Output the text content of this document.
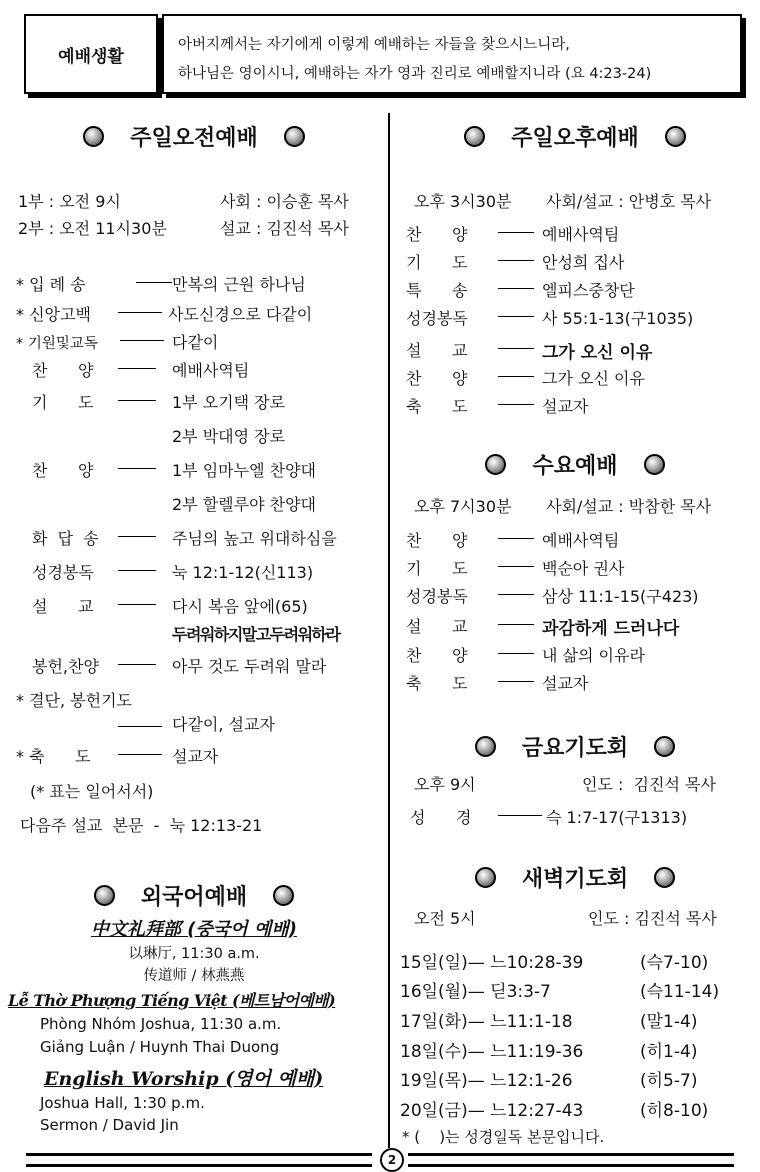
예배생활
아버지께서는 자기에게 이렇게 예배하는 자들을 찾으시느니라,
하나님은 영이시니, 예배하는 자가 영과 진리로 예배할지니라 (요 4:23-24)
주일오전예배
1부 : 오전 9시	사회 : 이승훈 목사
2부 : 오전 11시30분	설교 : 김진석 목사
* 입 례 송	만복의 근원 하나님
* 신앙고백	사도신경으로 다같이
* 기원및교독	다같이
찬      양	예배사역팀
기      도	1부 오기택 장로
2부 박대영 장로
찬      양	1부 임마누엘 찬양대
2부 할렐루야 찬양대
화  답  송	주님의 높고 위대하심을
성경봉독	눅 12:1-12(신113)
설      교	다시 복음 앞에(65)
두려워하지말고두려워하라
봉헌,찬양	아무 것도 두려워 말라
* 결단, 봉헌기도
다같이, 설교자
* 축      도	설교자
(* 표는 일어서서)
다음주 설교  본문  -  눅 12:13-21
외국어예배
中文礼拜部 (중국어 예배)
以琳厅, 11:30 a.m.
传道师 / 林燕燕
Lễ Thờ Phượng Tiếng Việt (베트남어예배)
Phòng Nhóm Joshua, 11:30 a.m.
Giảng Luận / Huynh Thai Duong
English Worship (영어 예배)
Joshua Hall, 1:30 p.m.
Sermon / David Jin
주일오후예배
오후 3시30분 사회/설교 : 안병호 목사
찬      양	예배사역팀
기      도	안성희 집사
특      송	엘피스중창단
성경봉독	사 55:1-13(구1035)
설      교	그가 오신 이유
찬      양	그가 오신 이유
축      도	설교자
수요예배
오후 7시30분 사회/설교 : 박참한 목사
찬      양	예배사역팀
기      도	백순아 권사
성경봉독	삼상 11:1-15(구423)
설      교	과감하게 드러나다
찬      양	내 삶의 이유라
축      도	설교자
금요기도회
오후 9시	인도 :  김진석 목사
성      경	슥 1:7-17(구1313)
새벽기도회
오전 5시	인도 : 김진석 목사
15일(일)— 느10:28-39	(슥7-10)
16일(월)— 딛3:3-7	(슥11-14)
17일(화)— 느11:1-18	(말1-4)
18일(수)— 느11:19-36	(히1-4)
19일(목)— 느12:1-26	(히5-7)
20일(금)— 느12:27-43	(히8-10)
* (    )는 성경일독 본문입니다.
2
